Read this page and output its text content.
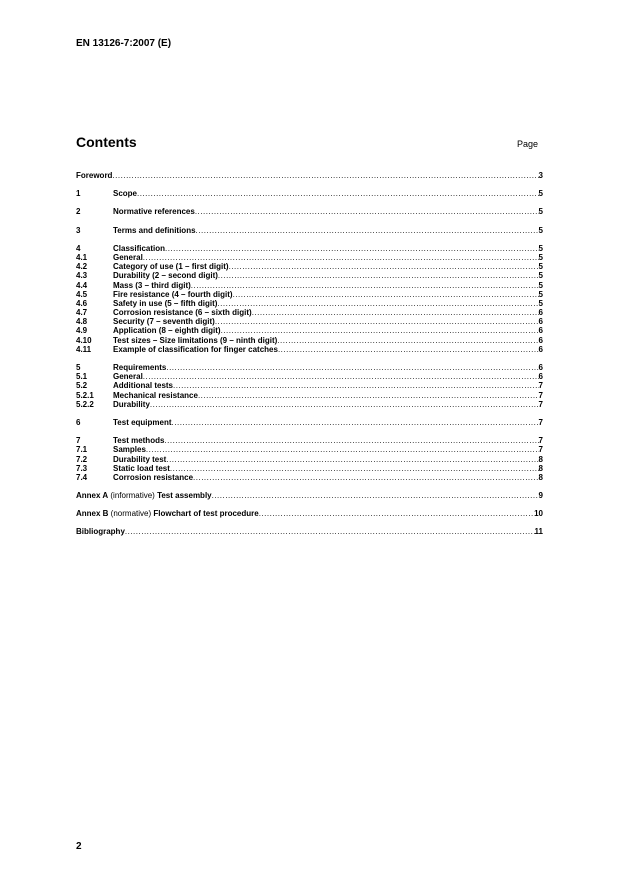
EN 13126-7:2007 (E)
Contents	Page
Foreword .....	3
1	Scope .....	5
2	Normative references .....	5
3	Terms and definitions .....	5
4	Classification .....	5
4.1	General .....	5
4.2	Category of use (1 – first digit) .....	5
4.3	Durability (2 – second digit) .....	5
4.4	Mass (3 – third digit) .....	5
4.5	Fire resistance (4 – fourth digit) .....	5
4.6	Safety in use (5 – fifth digit) .....	5
4.7	Corrosion resistance (6 – sixth digit) .....	6
4.8	Security (7 – seventh digit) .....	6
4.9	Application (8 – eighth digit) .....	6
4.10	Test sizes – Size limitations (9 – ninth digit) .....	6
4.11	Example of classification for finger catches .....	6
5	Requirements .....	6
5.1	General .....	6
5.2	Additional tests .....	7
5.2.1	Mechanical resistance .....	7
5.2.2	Durability .....	7
6	Test equipment .....	7
7	Test methods .....	7
7.1	Samples .....	7
7.2	Durability test .....	8
7.3	Static load test .....	8
7.4	Corrosion resistance .....	8
Annex A (informative) Test assembly .....	9
Annex B (normative) Flowchart of test procedure .....	10
Bibliography .....	11
2
